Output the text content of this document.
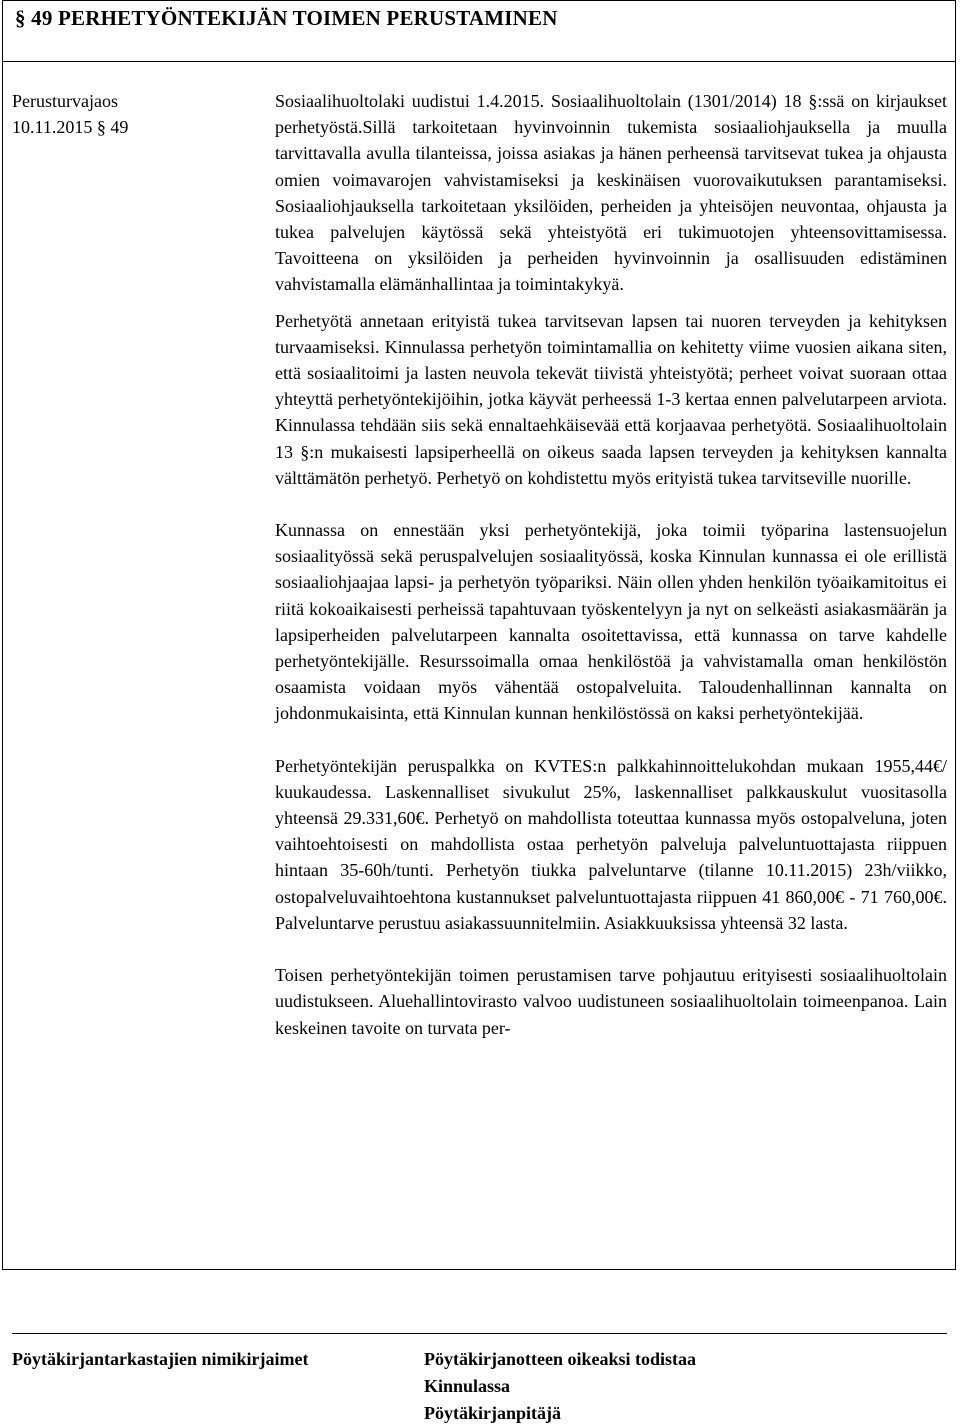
§ 49 PERHETYÖNTEKIJÄN TOIMEN PERUSTAMINEN
Perusturvajaos
10.11.2015 § 49

Sosiaalihuoltolaki uudistui 1.4.2015. Sosiaalihuoltolain (1301/2014) 18 §:ssä on kirjaukset perhetyöstä.Sillä tarkoitetaan hyvinvoinnin tukemista sosiaaliohjauksella ja muulla tarvittavalla avulla tilanteissa, joissa asiakas ja hänen perheensä tarvitsevat tukea ja ohjausta omien voimavarojen vahvistamiseksi ja keskinäisen vuorovaikutuksen parantamiseksi. Sosiaaliohjauksella tarkoitetaan yksilöiden, perheiden ja yhteisöjen neuvontaa, ohjausta ja tukea palvelujen käytössä sekä yhteistyötä eri tukimuotojen yhteensovittamisessa. Tavoitteena on yksilöiden ja perheiden hyvinvoinnin ja osallisuuden edistäminen vahvistamalla elämänhallintaa ja toimintakykyä.

Perhetyötä annetaan erityistä tukea tarvitsevan lapsen tai nuoren terveyden ja kehityksen turvaamiseksi. Kinnulassa perhetyön toimintamallia on kehitetty viime vuosien aikana siten, että sosiaalitoimi ja lasten neuvola tekevät tiivistä yhteistyötä; perheet voivat suoraan ottaa yhteyttä perhetyöntekijöihin, jotka käyvät perheessä 1-3 kertaa ennen palvelutarpeen arviota. Kinnulassa tehdään siis sekä ennaltaehkäisevää että korjaavaa perhetyötä. Sosiaalihuoltolain 13 §:n mukaisesti lapsiperheellä on oikeus saada lapsen terveyden ja kehityksen kannalta välttämätön perhetyö. Perhetyö on kohdistettu myös erityistä tukea tarvitseville nuorille.

Kunnassa on ennestään yksi perhetyöntekijä, joka toimii työparina lastensuojelun sosiaalityössä sekä peruspalvelujen sosiaalityössä, koska Kinnulan kunnassa ei ole erillistä sosiaaliohjaajaa lapsi- ja perhetyön työpariksi. Näin ollen yhden henkilön työaikamitoitus ei riitä kokoaikaisesti perheissä tapahtuvaan työskentelyyn ja nyt on selkeästi asiakasmäärän ja lapsiperheiden palvelutarpeen kannalta osoitettavissa, että kunnassa on tarve kahdelle perhetyöntekijälle. Resurssoimalla omaa henkilöstöä ja vahvistamalla oman henkilöstön osaamista voidaan myös vähentää ostopalveluita. Taloudenhallinnan kannalta on johdonmukaisinta, että Kinnulan kunnan henkilöstössä on kaksi perhetyöntekijää.

Perhetyöntekijän peruspalkka on KVTES:n palkkahinnoittelukohdan mukaan 1955,44€/ kuukaudessa. Laskennalliset sivukulut 25%, laskennalliset palkkauskulut vuositasolla yhteensä 29.331,60€. Perhetyö on mahdollista toteuttaa kunnassa myös ostopalveluna, joten vaihtoehtoisesti on mahdollista ostaa perhetyön palveluja palveluntuottajasta riippuen hintaan 35-60h/tunti. Perhetyön tiukka palveluntarve (tilanne 10.11.2015) 23h/viikko, ostopalveluvaihtoehtona kustannukset palveluntuottajasta riippuen 41 860,00€ - 71 760,00€. Palveluntarve perustuu asiakassuunnitelmiin. Asiakkuuksissa yhteensä 32 lasta.

Toisen perhetyöntekijän toimen perustamisen tarve pohjautuu erityisesti sosiaalihuoltolain uudistukseen. Aluehallintovirasto valvoo uudistuneen sosiaalihuoltolain toimeenpanoa. Lain keskeinen tavoite on turvata per-

Pöytäkirjantarkastajien nimikirjaimet	Pöytäkirjanotteen oikeaksi todistaa
Kinnulassa
Pöytäkirjanpitäjä
